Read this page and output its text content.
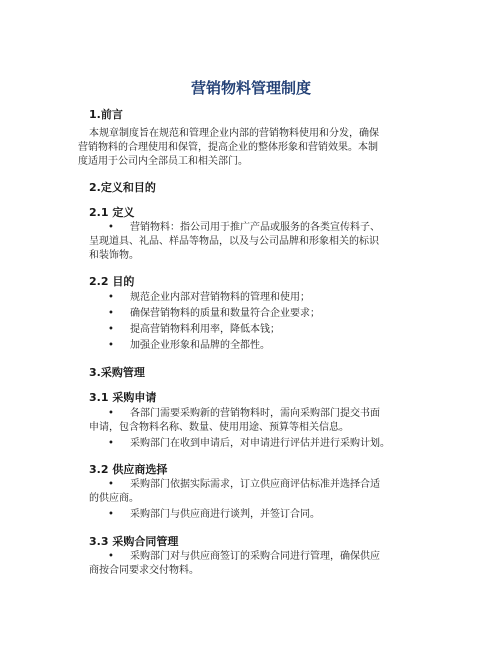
营销物料管理制度
1.前言
本规章制度旨在规范和管理企业内部的营销物料使用和分发，确保
营销物料的合理使用和保管，提高企业的整体形象和营销效果。本制
度适用于公司内全部员工和相关部门。
2.定义和目的
2.1 定义
• 营销物料：指公司用于推广产品或服务的各类宣传料子、
呈现道具、礼品、样品等物品，以及与公司品牌和形象相关的标识
和装饰物。
2.2 目的
• 规范企业内部对营销物料的管理和使用；
• 确保营销物料的质量和数量符合企业要求；
• 提高营销物料利用率，降低本钱；
• 加强企业形象和品牌的全都性。
3.采购管理
3.1 采购申请
• 各部门需要采购新的营销物料时，需向采购部门提交书面
申请，包含物料名称、数量、使用用途、预算等相关信息。
• 采购部门在收到申请后，对申请进行评估并进行采购计划。
3.2 供应商选择
• 采购部门依据实际需求，订立供应商评估标准并选择合适
的供应商。
• 采购部门与供应商进行谈判，并签订合同。
3.3 采购合同管理
• 采购部门对与供应商签订的采购合同进行管理，确保供应
商按合同要求交付物料。
